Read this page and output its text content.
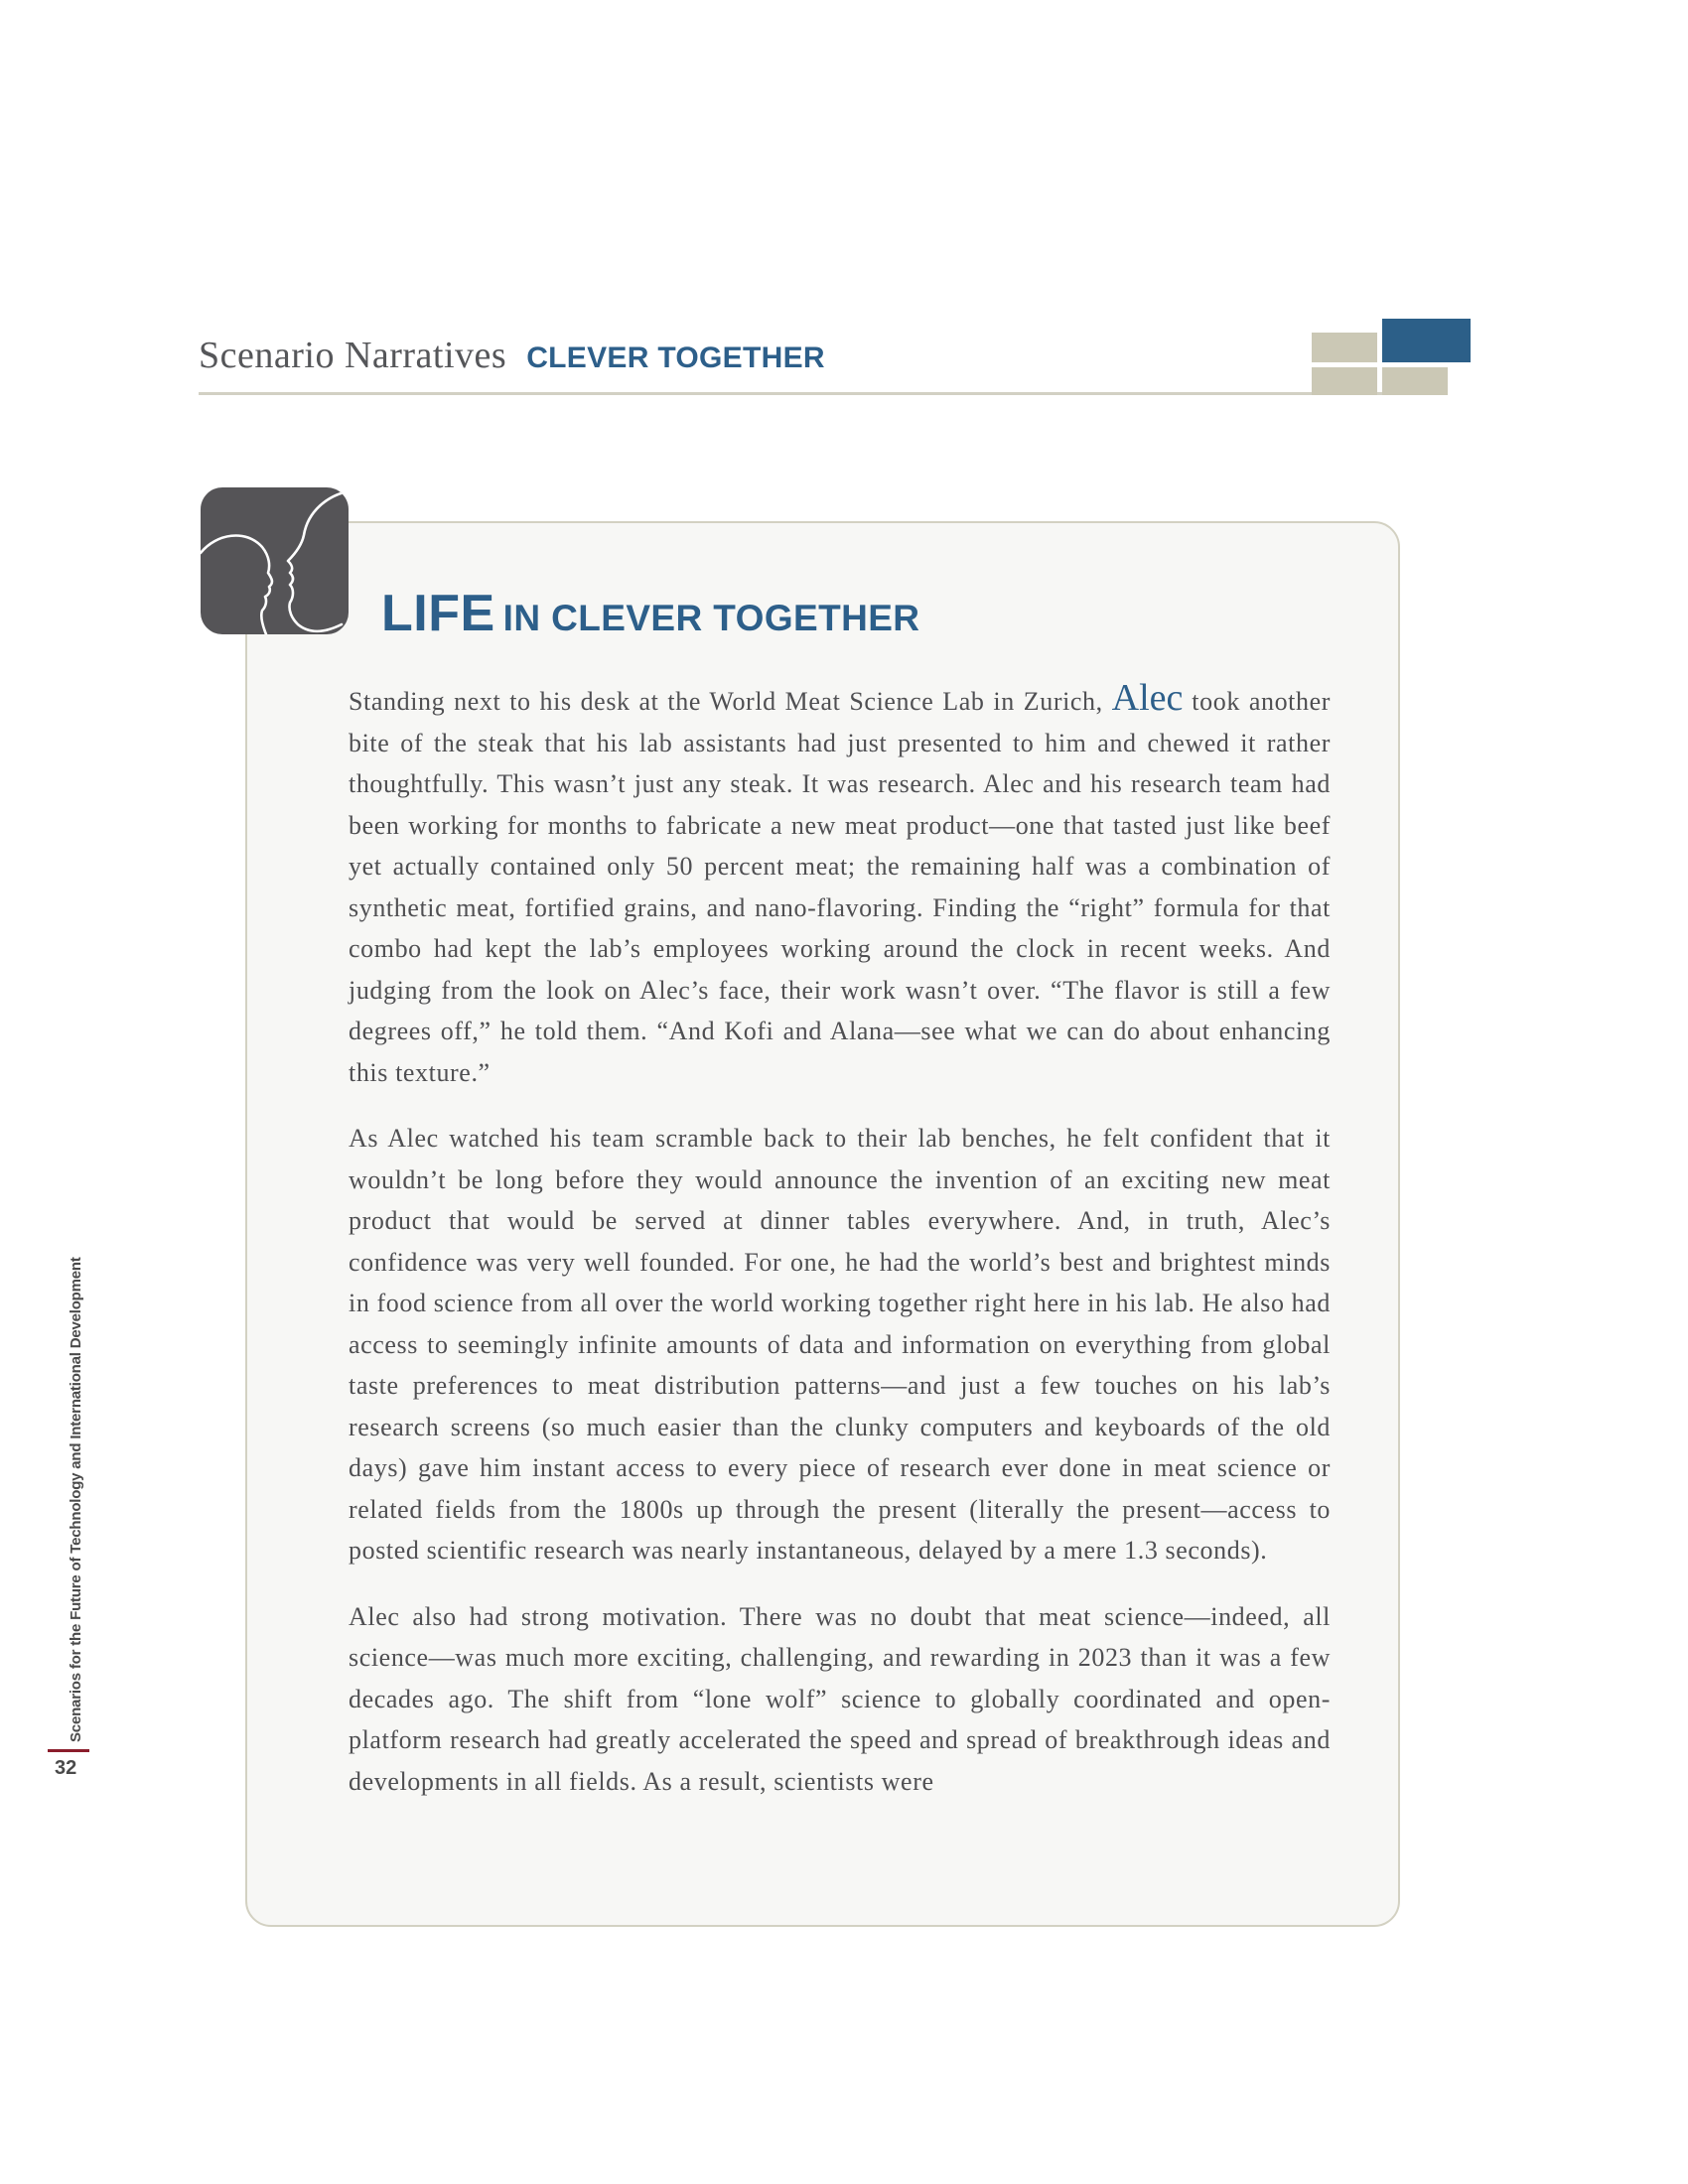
Scenario Narratives CLEVER TOGETHER
Scenarios for the Future of Technology and International Development
32
LIFE IN CLEVER TOGETHER

Standing next to his desk at the World Meat Science Lab in Zurich, Alec took another bite of the steak that his lab assistants had just presented to him and chewed it rather thoughtfully. This wasn’t just any steak. It was research. Alec and his research team had been working for months to fabricate a new meat product—one that tasted just like beef yet actually contained only 50 percent meat; the remaining half was a combination of synthetic meat, fortified grains, and nano-flavoring. Finding the “right” formula for that combo had kept the lab’s employees working around the clock in recent weeks. And judging from the look on Alec’s face, their work wasn’t over. “The flavor is still a few degrees off,” he told them. “And Kofi and Alana—see what we can do about enhancing this texture.”

As Alec watched his team scramble back to their lab benches, he felt confident that it wouldn’t be long before they would announce the invention of an exciting new meat product that would be served at dinner tables everywhere. And, in truth, Alec’s confidence was very well founded. For one, he had the world’s best and brightest minds in food science from all over the world working together right here in his lab. He also had access to seemingly infinite amounts of data and information on everything from global taste preferences to meat distribution patterns—and just a few touches on his lab’s research screens (so much easier than the clunky computers and keyboards of the old days) gave him instant access to every piece of research ever done in meat science or related fields from the 1800s up through the present (literally the present—access to posted scientific research was nearly instantaneous, delayed by a mere 1.3 seconds).

Alec also had strong motivation. There was no doubt that meat science—indeed, all science—was much more exciting, challenging, and rewarding in 2023 than it was a few decades ago. The shift from “lone wolf” science to globally coordinated and open-platform research had greatly accelerated the speed and spread of breakthrough ideas and developments in all fields. As a result, scientists were
